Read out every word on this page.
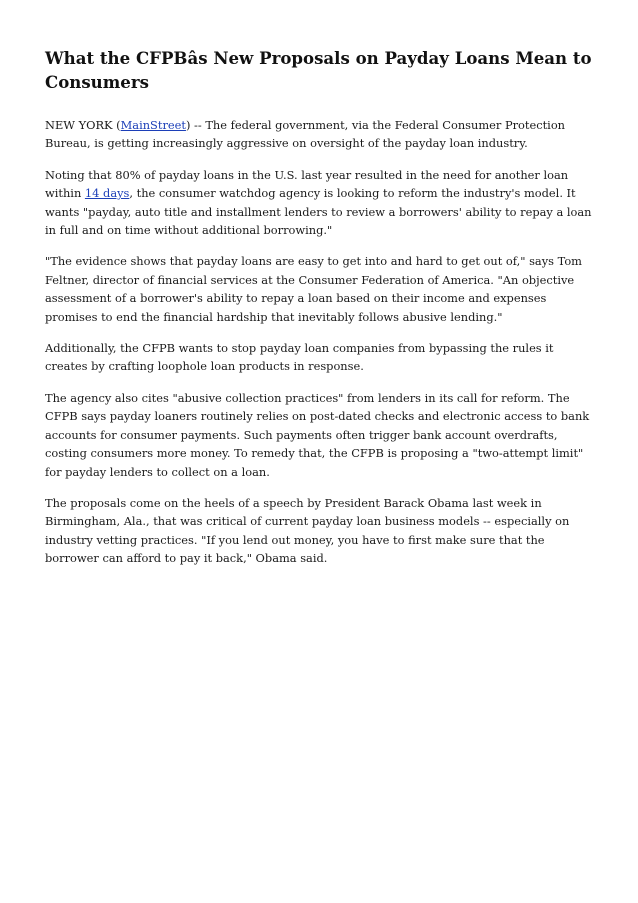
What the CFPBâs New Proposals on Payday Loans Mean to Consumers

NEW YORK (MainStreet) -- The federal government, via the Federal Consumer Protection Bureau, is getting increasingly aggressive on oversight of the payday loan industry.

Noting that 80% of payday loans in the U.S. last year resulted in the need for another loan within 14 days, the consumer watchdog agency is looking to reform the industry's model. It wants "payday, auto title and installment lenders to review a borrowers' ability to repay a loan in full and on time without additional borrowing."

"The evidence shows that payday loans are easy to get into and hard to get out of," says Tom Feltner, director of financial services at the Consumer Federation of America. "An objective assessment of a borrower's ability to repay a loan based on their income and expenses promises to end the financial hardship that inevitably follows abusive lending."

Additionally, the CFPB wants to stop payday loan companies from bypassing the rules it creates by crafting loophole loan products in response.

The agency also cites "abusive collection practices" from lenders in its call for reform. The CFPB says payday loaners routinely relies on post-dated checks and electronic access to bank accounts for consumer payments. Such payments often trigger bank account overdrafts, costing consumers more money. To remedy that, the CFPB is proposing a "two-attempt limit" for payday lenders to collect on a loan.

The proposals come on the heels of a speech by President Barack Obama last week in Birmingham, Ala., that was critical of current payday loan business models -- especially on industry vetting practices. "If you lend out money, you have to first make sure that the borrower can afford to pay it back," Obama said.
